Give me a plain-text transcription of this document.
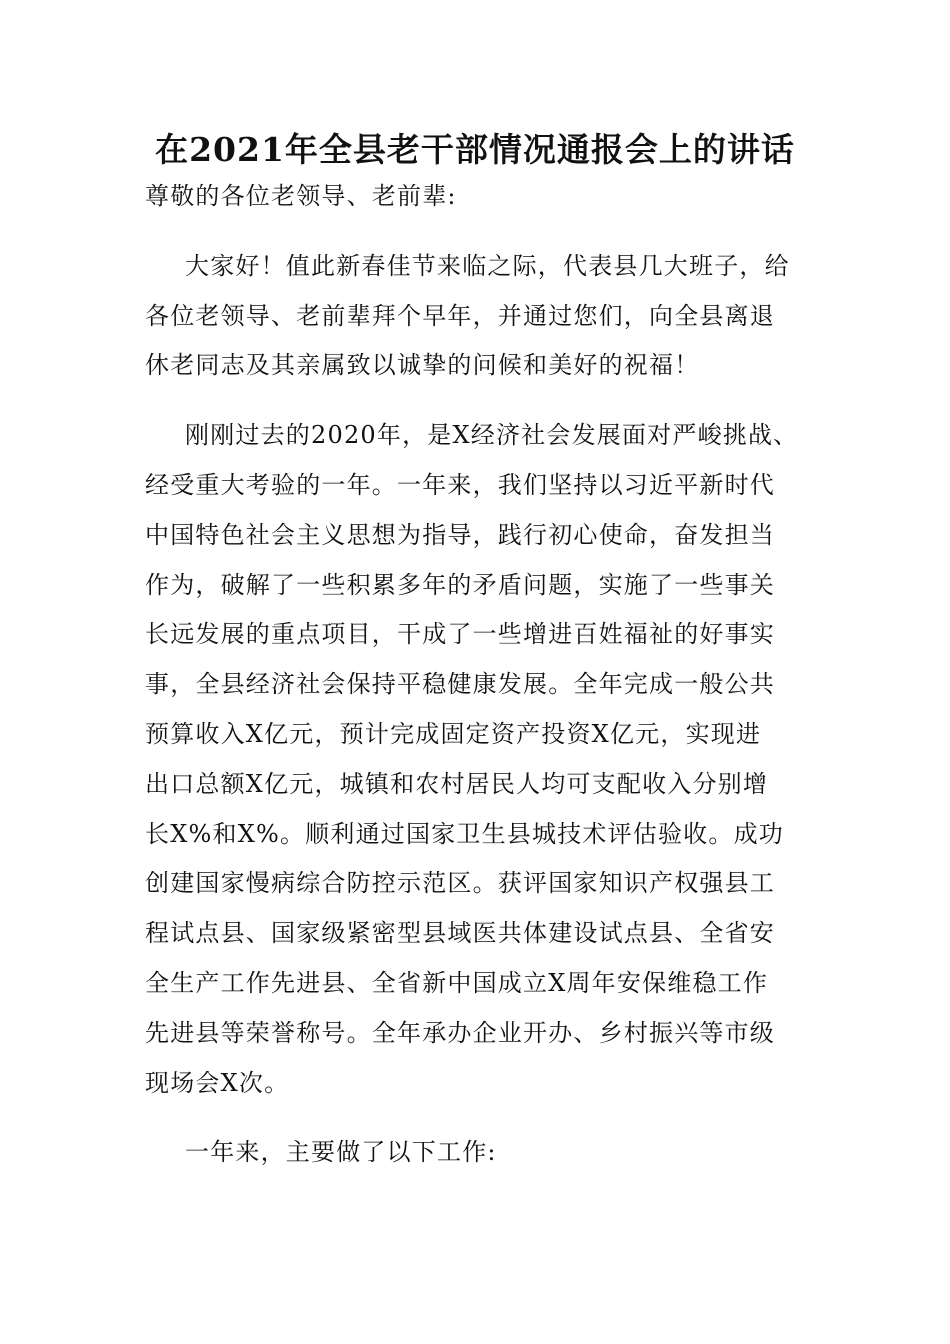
在2021年全县老干部情况通报会上的讲话

尊敬的各位老领导、老前辈:

大家好！值此新春佳节来临之际，代表县几大班子，给
各位老领导、老前辈拜个早年，并通过您们，向全县离退
休老同志及其亲属致以诚挚的问候和美好的祝福！

刚刚过去的2020年，是X经济社会发展面对严峻挑战、
经受重大考验的一年。一年来，我们坚持以习近平新时代
中国特色社会主义思想为指导，践行初心使命，奋发担当
作为，破解了一些积累多年的矛盾问题，实施了一些事关
长远发展的重点项目，干成了一些增进百姓福祉的好事实
事，全县经济社会保持平稳健康发展。全年完成一般公共
预算收入X亿元，预计完成固定资产投资X亿元，实现进
出口总额X亿元，城镇和农村居民人均可支配收入分别增
长X%和X%。顺利通过国家卫生县城技术评估验收。成功
创建国家慢病综合防控示范区。获评国家知识产权强县工
程试点县、国家级紧密型县域医共体建设试点县、全省安
全生产工作先进县、全省新中国成立X周年安保维稳工作
先进县等荣誉称号。全年承办企业开办、乡村振兴等市级
现场会X次。

一年来，主要做了以下工作:
